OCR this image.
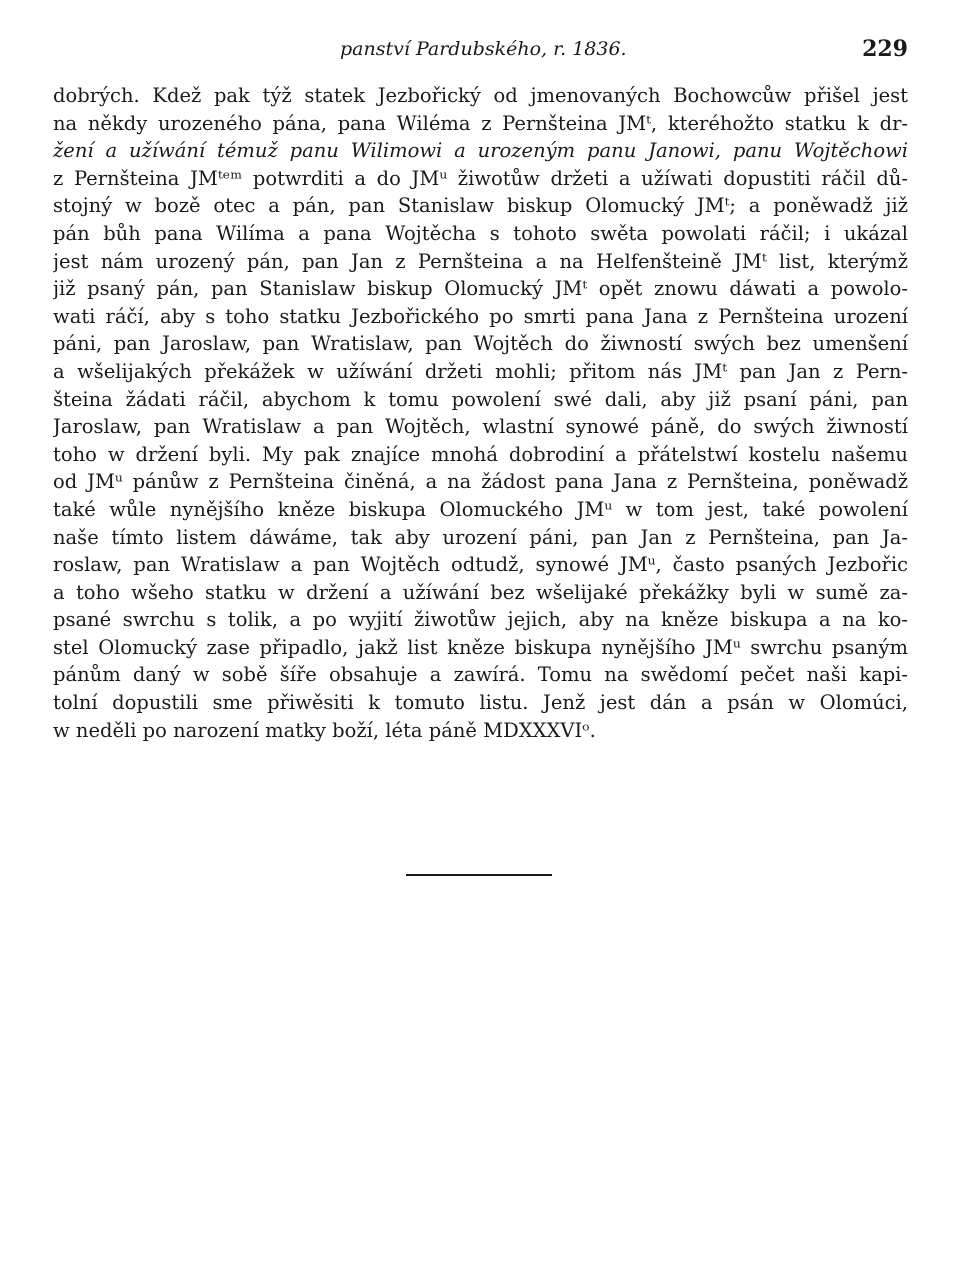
panství Pardubského, r. 1836.	229
dobrých. Kdež pak týž statek Jezbořický od jmenovaných Bochowcůw přišel jest
na někdy urozeného pána, pana Wiléma z Pernšteina JMᵗ, kteréhožto statku k dr-
žení a užíwání témuž panu Wilimowi a urozeným panu Janowi, panu Wojtěchowi
z Pernšteina JMᵗᵉᵐ potwrditi a do JMᵘ žiwotůw držeti a užíwati dopustiti ráčil dů-
stojný w bozě otec a pán, pan Stanislaw biskup Olomucký JMᵗ; a poněwadž již
pán bůh pana Wilíma a pana Wojtěcha s tohoto swěta powolati ráčil; i ukázal
jest nám urozený pán, pan Jan z Pernšteina a na Helfenšteině JMᵗ list, kterýmž
již psaný pán, pan Stanislaw biskup Olomucký JMᵗ opět znowu dáwati a powolo-
wati ráčí, aby s toho statku Jezbořického po smrti pana Jana z Pernšteina urození
páni, pan Jaroslaw, pan Wratislaw, pan Wojtěch do žiwností swých bez umenšení
a wšelijakých překážek w užíwání držeti mohli; přitom nás JMᵗ pan Jan z Pern-
šteina žádati ráčil, abychom k tomu powolení swé dali, aby již psaní páni, pan
Jaroslaw, pan Wratislaw a pan Wojtěch, wlastní synowé páně, do swých žiwností
toho w držení byli. My pak znajíce mnohá dobrodiní a přátelstwí kostelu našemu
od JMᵘ pánůw z Pernšteina činěná, a na žádost pana Jana z Pernšteina, poněwadž
také wůle nynějšího kněze biskupa Olomuckého JMᵘ w tom jest, také powolení
naše tímto listem dáwáme, tak aby urození páni, pan Jan z Pernšteina, pan Ja-
roslaw, pan Wratislaw a pan Wojtěch odtudž, synowé JMᵘ, často psaných Jezbořic
a toho wšeho statku w držení a užíwání bez wšelijaké překážky byli w sumě za-
psané swrchu s tolik, a po wyjití žiwotůw jejich, aby na kněze biskupa a na ko-
stel Olomucký zase připadlo, jakž list kněze biskupa nynějšího JMᵘ swrchu psaným
pánům daný w sobě šíře obsahuje a zawírá. Tomu na swědomí pečet naši kapi-
tolní dopustili sme přiwěsiti k tomuto listu. Jenž jest dán a psán w Olomúci,
w neděli po narození matky boží, léta páně MDXXXVIᵒ.
